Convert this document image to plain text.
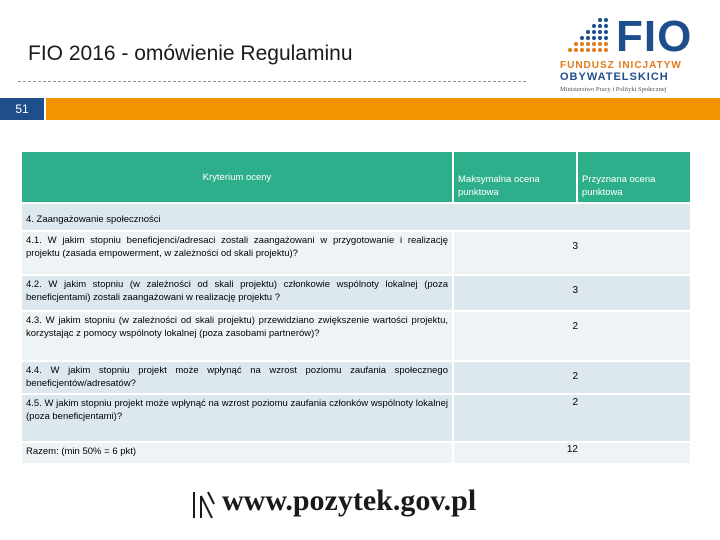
FIO 2016 - omówienie Regulaminu	FIO
FUNDUSZ INICJATYW
OBYWATELSKICH
Ministerstwo Pracy i Polityki Społecznej
51
Kryterium oceny	Maksymalna ocena punktowa	Przyznana ocena punktowa
4. Zaangażowanie społeczności		
4.1. W jakim stopniu beneficjenci/adresaci zostali zaangażowani w przygotowanie i realizację projektu (zasada empowerment, w zależności od skali projektu)?	3	
4.2. W jakim stopniu (w zależności od skali projektu) członkowie wspólnoty lokalnej (poza beneficjentami) zostali zaangażowani w realizację projektu ?	3	
4.3. W jakim stopniu (w zależności od skali projektu) przewidziano zwiększenie wartości projektu, korzystając z pomocy wspólnoty lokalnej (poza zasobami partnerów)?	2	
4.4. W jakim stopniu projekt może wpłynąć na wzrost poziomu zaufania społecznego beneficjentów/adresatów?	2	
4.5. W jakim stopniu projekt może wpłynąć na wzrost poziomu zaufania członków wspólnoty lokalnej (poza beneficjentami)?	2	
Razem: (min 50% = 6 pkt)	12	
www.pozytek.gov.pl
